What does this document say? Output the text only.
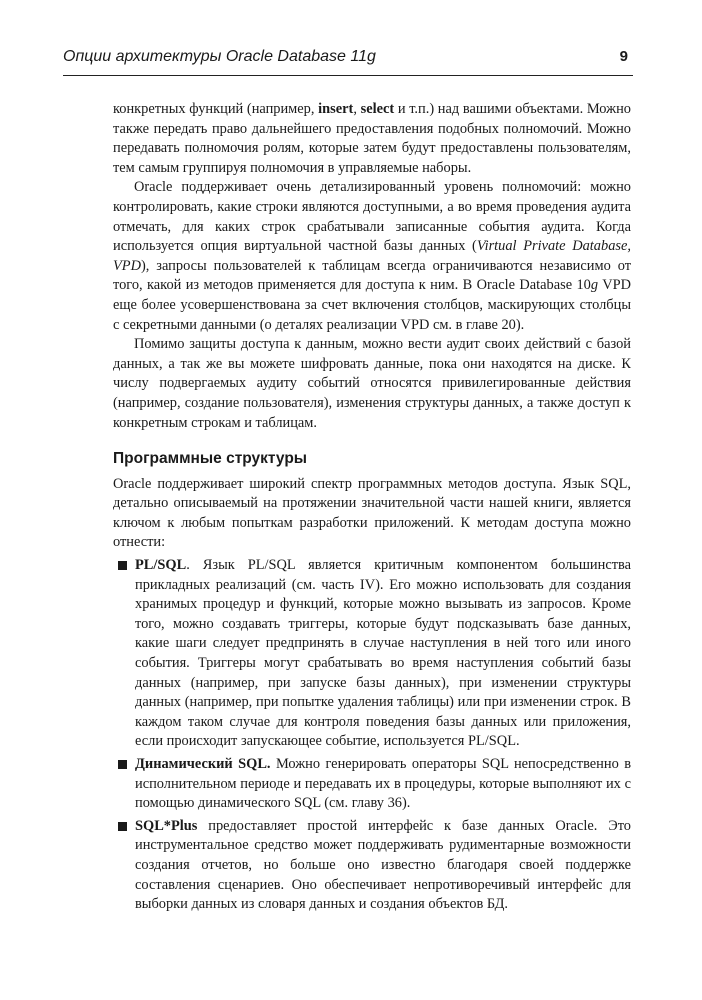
Опции архитектуры Oracle Database 11g	9

конкретных функций (например, insert, select и т.п.) над вашими объектами. Можно также передать право дальнейшего предоставления подобных полномочий. Можно передавать полномочия ролям, которые затем будут предоставлены пользователям, тем самым группируя полномочия в управляемые наборы.

Oracle поддерживает очень детализированный уровень полномочий: можно контролировать, какие строки являются доступными, а во время проведения аудита отмечать, для каких строк срабатывали записанные события аудита. Когда используется опция виртуальной частной базы данных (Virtual Private Database, VPD), запросы пользователей к таблицам всегда ограничиваются независимо от того, какой из методов применяется для доступа к ним. В Oracle Database 10g VPD еще более усовершенствована за счет включения столбцов, маскирующих столбцы с секретными данными (о деталях реализации VPD см. в главе 20).

Помимо защиты доступа к данным, можно вести аудит своих действий с базой данных, а так же вы можете шифровать данные, пока они находятся на диске. К числу подвергаемых аудиту событий относятся привилегированные действия (например, создание пользователя), изменения структуры данных, а также доступ к конкретным строкам и таблицам.

Программные структуры

Oracle поддерживает широкий спектр программных методов доступа. Язык SQL, детально описываемый на протяжении значительной части нашей книги, является ключом к любым попыткам разработки приложений. К методам доступа можно отнести:

PL/SQL. Язык PL/SQL является критичным компонентом большинства прикладных реализаций (см. часть IV). Его можно использовать для создания хранимых процедур и функций, которые можно вызывать из запросов. Кроме того, можно создавать триггеры, которые будут подсказывать базе данных, какие шаги следует предпринять в случае наступления в ней того или иного события. Триггеры могут срабатывать во время наступления событий базы данных (например, при запуске базы данных), при изменении структуры данных (например, при попытке удаления таблицы) или при изменении строк. В каждом таком случае для контроля поведения базы данных или приложения, если происходит запускающее событие, используется PL/SQL.
Динамический SQL. Можно генерировать операторы SQL непосредственно в исполнительном периоде и передавать их в процедуры, которые выполняют их с помощью динамического SQL (см. главу 36).
SQL*Plus предоставляет простой интерфейс к базе данных Oracle. Это инструментальное средство может поддерживать рудиментарные возможности создания отчетов, но больше оно известно благодаря своей поддержке составления сценариев. Оно обеспечивает непротиворечивый интерфейс для выборки данных из словаря данных и создания объектов БД.
